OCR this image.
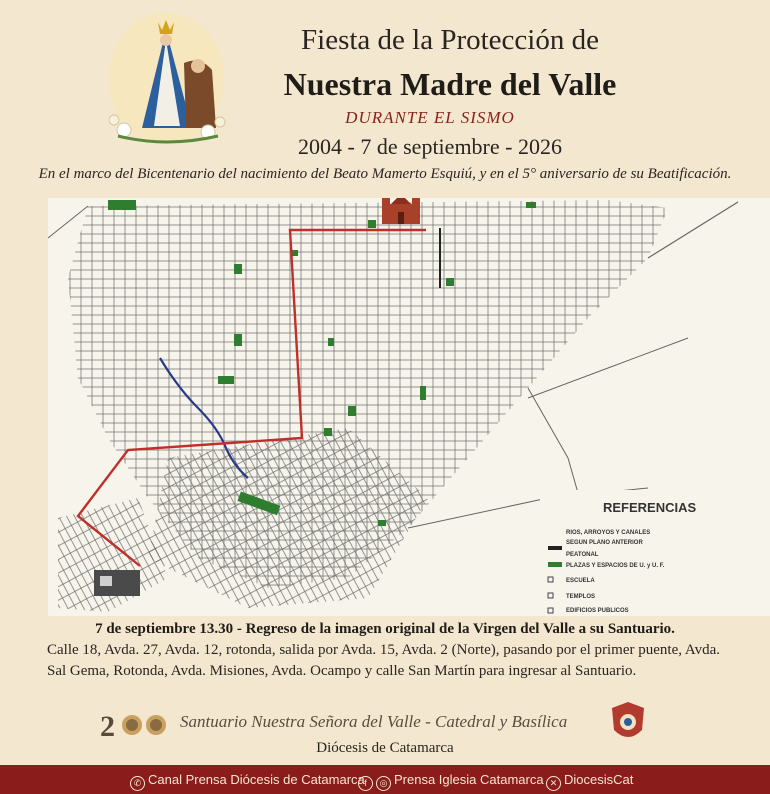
Fiesta de la Protección de
Nuestra Madre del Valle
DURANTE EL SISMO
2004 - 7 de septiembre - 2026
En el marco del Bicentenario del nacimiento del Beato Mamerto Esquiú, y en el 5° aniversario de su Beatificación.
REFERENCIAS
RIOS, ARROYOS Y CANALES
SEGUN PLANO ANTERIOR
PEATONAL
PLAZAS Y ESPACIOS DE U. y U. F.
ESCUELA
TEMPLOS
EDIFICIOS PUBLICOS
7 de septiembre 13.30 - Regreso de la imagen original de la Virgen del Valle a su Santuario.
Calle 18, Avda. 27, Avda. 12, rotonda, salida por Avda. 15, Avda. 2 (Norte), pasando por el primer puente, Avda. Sal Gema, Rotonda, Avda. Misiones, Avda. Ocampo y calle San Martín para ingresar al Santuario.
2	Santuario Nuestra Señora del Valle - Catedral y Basílica
Diócesis de Catamarca
✆ Canal Prensa Diócesis de Catamarca f ◎ Prensa Iglesia Catamarca ✕ DiocesisCat
